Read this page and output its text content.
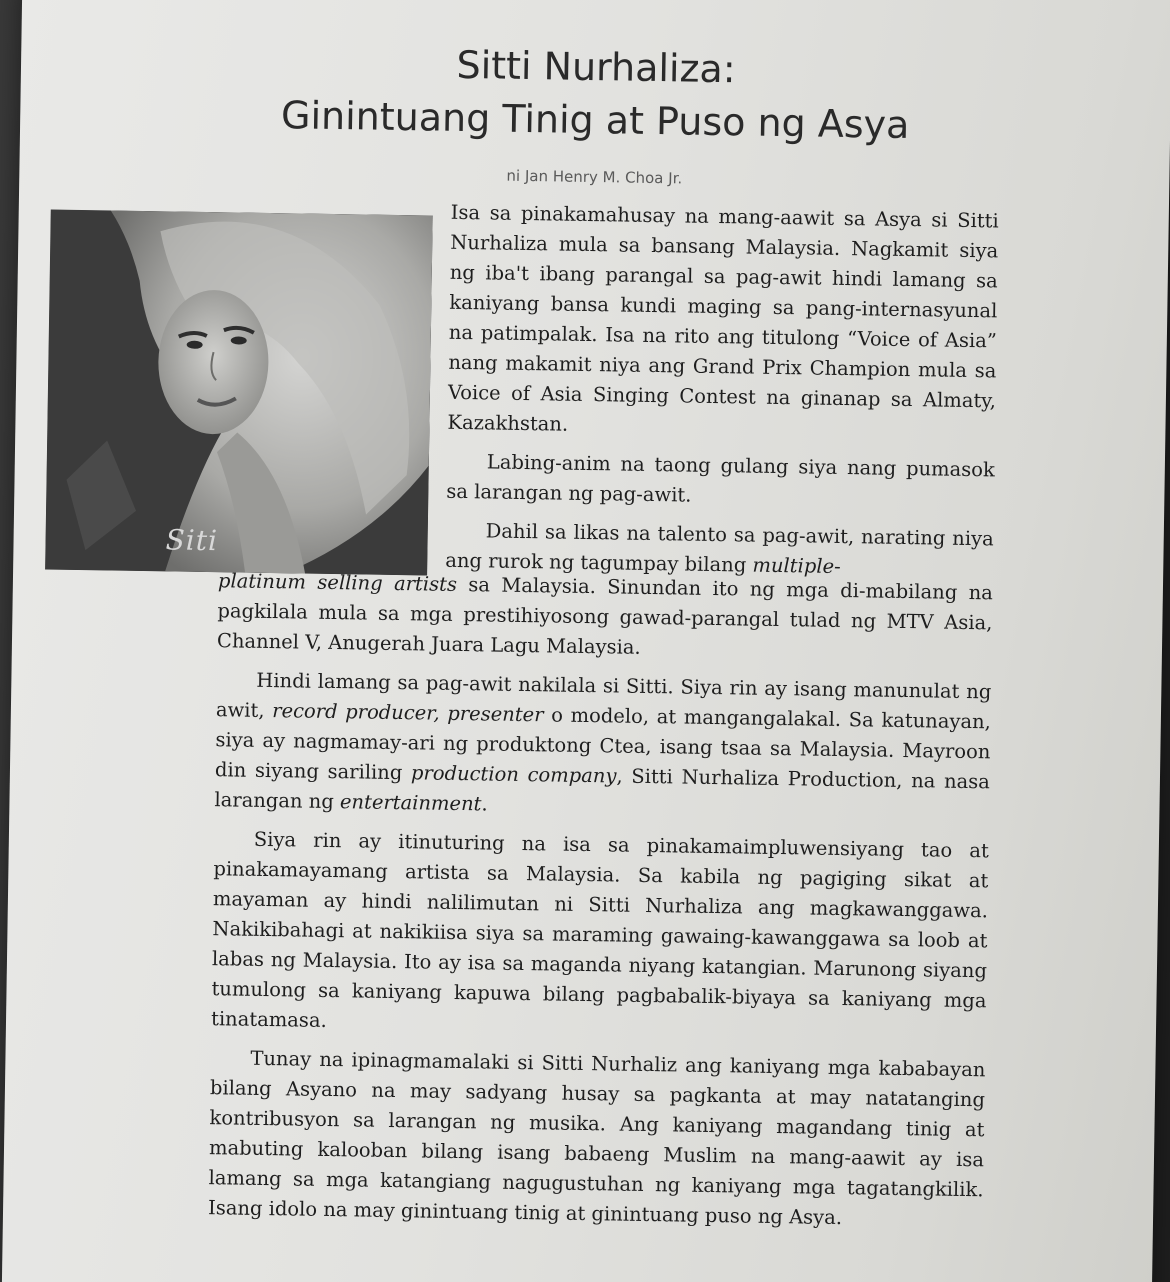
Sitti Nurhaliza:
Ginintuang Tinig at Puso ng Asya
ni Jan Henry M. Choa Jr.
Siti

Isa sa pinakamahusay na mang-aawit sa Asya si Sitti Nurhaliza mula sa bansang Malaysia. Nagkamit siya ng iba't ibang parangal sa pag-awit hindi lamang sa kaniyang bansa kundi maging sa pang-internasyunal na patimpalak. Isa na rito ang titulong “Voice of Asia” nang makamit niya ang Grand Prix Champion mula sa Voice of Asia Singing Contest na ginanap sa Almaty, Kazakhstan.

Labing-anim na taong gulang siya nang pumasok sa larangan ng pag-awit.

Dahil sa likas na talento sa pag-awit, narating niya ang rurok ng tagumpay bilang multiple-

platinum selling artists sa Malaysia. Sinundan ito ng mga di-mabilang na pagkilala mula sa mga prestihiyosong gawad-parangal tulad ng MTV Asia, Channel V, Anugerah Juara Lagu Malaysia.

Hindi lamang sa pag-awit nakilala si Sitti. Siya rin ay isang manunulat ng awit, record producer, presenter o modelo, at mangangalakal. Sa katunayan, siya ay nagmamay-ari ng produktong Ctea, isang tsaa sa Malaysia. Mayroon din siyang sariling production company, Sitti Nurhaliza Production, na nasa larangan ng entertainment.

Siya rin ay itinuturing na isa sa pinakamaimpluwensiyang tao at pinakamayamang artista sa Malaysia. Sa kabila ng pagiging sikat at mayaman ay hindi nalilimutan ni Sitti Nurhaliza ang magkawanggawa. Nakikibahagi at nakikiisa siya sa maraming gawaing-kawanggawa sa loob at labas ng Malaysia. Ito ay isa sa maganda niyang katangian. Marunong siyang tumulong sa kaniyang kapuwa bilang pagbabalik-biyaya sa kaniyang mga tinatamasa.

Tunay na ipinagmamalaki si Sitti Nurhaliz ang kaniyang mga kababayan bilang Asyano na may sadyang husay sa pagkanta at may natatanging kontribusyon sa larangan ng musika. Ang kaniyang magandang tinig at mabuting kalooban bilang isang babaeng Muslim na mang-aawit ay isa lamang sa mga katangiang nagugustuhan ng kaniyang mga tagatangkilik. Isang idolo na may ginintuang tinig at ginintuang puso ng Asya.
